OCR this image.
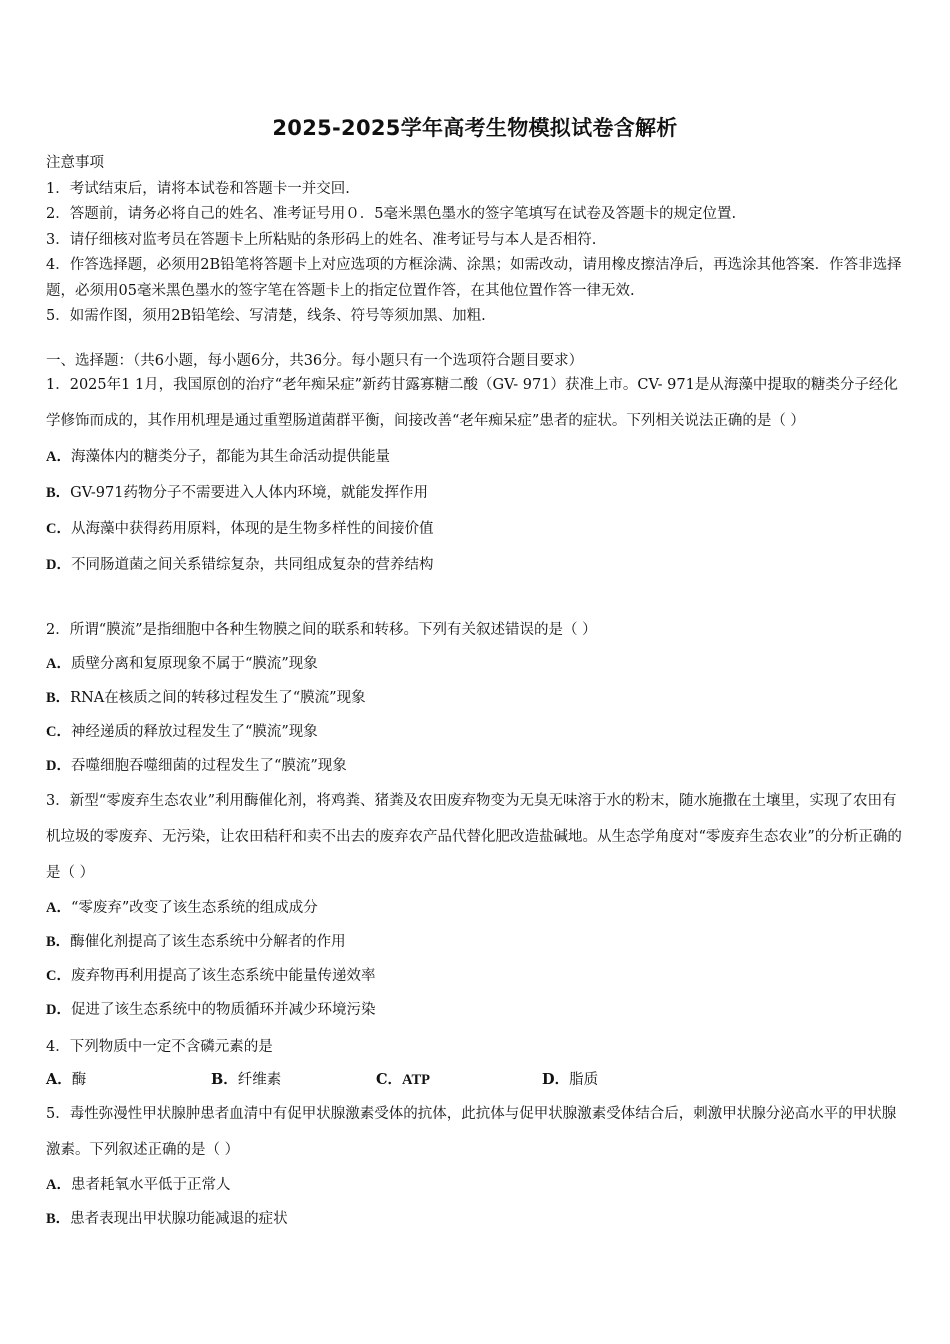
2025-2025学年高考生物模拟试卷含解析
注意事项
1．考试结束后，请将本试卷和答题卡一并交回.
2．答题前，请务必将自己的姓名、准考证号用０．5毫米黑色墨水的签字笔填写在试卷及答题卡的规定位置.
3．请仔细核对监考员在答题卡上所粘贴的条形码上的姓名、准考证号与本人是否相符.
4．作答选择题，必须用2B铅笔将答题卡上对应选项的方框涂满、涂黑；如需改动，请用橡皮擦洁净后，再选涂其他答案．作答非选择题，必须用05毫米黑色墨水的签字笔在答题卡上的指定位置作答，在其他位置作答一律无效.
5．如需作图，须用2B铅笔绘、写清楚，线条、符号等须加黑、加粗.
一、选择题：（共6小题，每小题6分，共36分。每小题只有一个选项符合题目要求）

1．2025年1 1月，我国原创的治疗“老年痴呆症”新药甘露寡糖二酸（GV- 971）获准上市。CV- 971是从海藻中提取的糖类分子经化学修饰而成的，其作用机理是通过重塑肠道菌群平衡，间接改善“老年痴呆症”患者的症状。下列相关说法正确的是（ ）

A．海藻体内的糖类分子，都能为其生命活动提供能量

B．GV-971药物分子不需要进入人体内环境，就能发挥作用

C．从海藻中获得药用原料，体现的是生物多样性的间接价值

D．不同肠道菌之间关系错综复杂，共同组成复杂的营养结构

2．所谓“膜流”是指细胞中各种生物膜之间的联系和转移。下列有关叙述错误的是（ ）

A．质壁分离和复原现象不属于“膜流”现象

B．RNA在核质之间的转移过程发生了“膜流”现象

C．神经递质的释放过程发生了“膜流”现象

D．吞噬细胞吞噬细菌的过程发生了“膜流”现象

3．新型“零废弃生态农业”利用酶催化剂，将鸡粪、猪粪及农田废弃物变为无臭无味溶于水的粉末，随水施撒在土壤里，实现了农田有机垃圾的零废弃、无污染，让农田秸秆和卖不出去的废弃农产品代替化肥改造盐碱地。从生态学角度对“零废弃生态农业”的分析正确的是（ ）

A．“零废弃”改变了该生态系统的组成成分

B．酶催化剂提高了该生态系统中分解者的作用

C．废弃物再利用提高了该生态系统中能量传递效率

D．促进了该生态系统中的物质循环并减少环境污染

4．下列物质中一定不含磷元素的是

A．酶	B．纤维素	C．ATP	D．脂质

5．毒性弥漫性甲状腺肿患者血清中有促甲状腺激素受体的抗体，此抗体与促甲状腺激素受体结合后，刺激甲状腺分泌高水平的甲状腺激素。下列叙述正确的是（ ）

A．患者耗氧水平低于正常人

B．患者表现出甲状腺功能减退的症状
